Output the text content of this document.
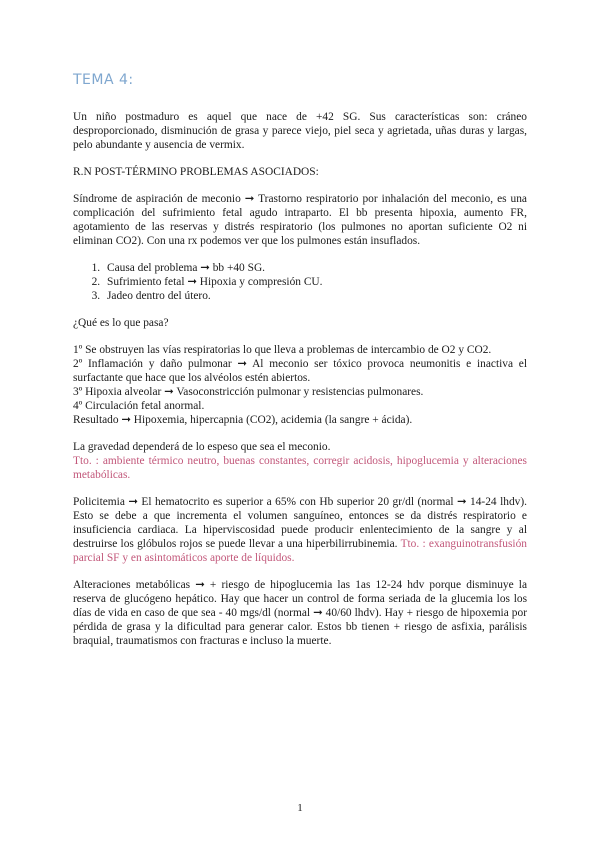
TEMA 4:

Un niño postmaduro es aquel que nace de +42 SG. Sus características son: cráneo desproporcionado, disminución de grasa y parece viejo, piel seca y agrietada, uñas duras y largas, pelo abundante y ausencia de vermix.

R.N POST-TÉRMINO PROBLEMAS ASOCIADOS:

Síndrome de aspiración de meconio ➞ Trastorno respiratorio por inhalación del meconio, es una complicación del sufrimiento fetal agudo intraparto. El bb presenta hipoxia, aumento FR, agotamiento de las reservas y distrés respiratorio (los pulmones no aportan suficiente O2 ni eliminan CO2). Con una rx podemos ver que los pulmones están insuflados.

1. Causa del problema ➞ bb +40 SG.
2. Sufrimiento fetal ➞ Hipoxia y compresión CU.
3. Jadeo dentro del útero.

¿Qué es lo que pasa?

1º Se obstruyen las vías respiratorias lo que lleva a problemas de intercambio de O2 y CO2.

2º Inflamación y daño pulmonar ➞ Al meconio ser tóxico provoca neumonitis e inactiva el surfactante que hace que los alvéolos estén abiertos.

3º Hipoxia alveolar ➞ Vasoconstricción pulmonar y resistencias pulmonares.

4º Circulación fetal anormal.

Resultado ➞ Hipoxemia, hipercapnia (CO2), acidemia (la sangre + ácida).

La gravedad dependerá de lo espeso que sea el meconio.

Tto. : ambiente térmico neutro, buenas constantes, corregir acidosis, hipoglucemia y alteraciones metabólicas.

Policitemia ➞ El hematocrito es superior a 65% con Hb superior 20 gr/dl (normal ➞ 14-24 lhdv). Esto se debe a que incrementa el volumen sanguíneo, entonces se da distrés respiratorio e insuficiencia cardiaca. La hiperviscosidad puede producir enlentecimiento de la sangre y al destruirse los glóbulos rojos se puede llevar a una hiperbilirrubinemia. Tto. : exanguinotransfusión parcial SF y en asintomáticos aporte de líquidos.

Alteraciones metabólicas ➞ + riesgo de hipoglucemia las 1as 12-24 hdv porque disminuye la reserva de glucógeno hepático. Hay que hacer un control de forma seriada de la glucemia los los días de vida en caso de que sea - 40 mgs/dl (normal ➞ 40/60 lhdv). Hay + riesgo de hipoxemia por pérdida de grasa y la dificultad para generar calor. Estos bb tienen + riesgo de asfixia, parálisis braquial, traumatismos con fracturas e incluso la muerte.

1
